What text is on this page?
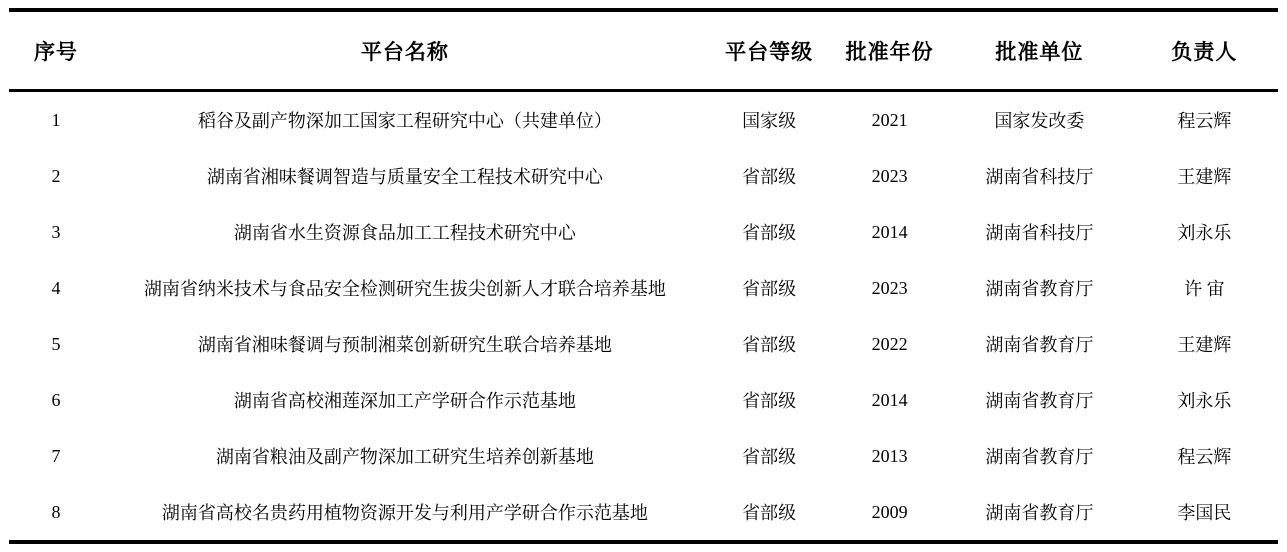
序号	平台名称	平台等级	批准年份	批准单位	负责人
1	稻谷及副产物深加工国家工程研究中心（共建单位）	国家级	2021	国家发改委	程云辉
2	湖南省湘味餐调智造与质量安全工程技术研究中心	省部级	2023	湖南省科技厅	王建辉
3	湖南省水生资源食品加工工程技术研究中心	省部级	2014	湖南省科技厅	刘永乐
4	湖南省纳米技术与食品安全检测研究生拔尖创新人才联合培养基地	省部级	2023	湖南省教育厅	许 宙
5	湖南省湘味餐调与预制湘菜创新研究生联合培养基地	省部级	2022	湖南省教育厅	王建辉
6	湖南省高校湘莲深加工产学研合作示范基地	省部级	2014	湖南省教育厅	刘永乐
7	湖南省粮油及副产物深加工研究生培养创新基地	省部级	2013	湖南省教育厅	程云辉
8	湖南省高校名贵药用植物资源开发与利用产学研合作示范基地	省部级	2009	湖南省教育厅	李国民
